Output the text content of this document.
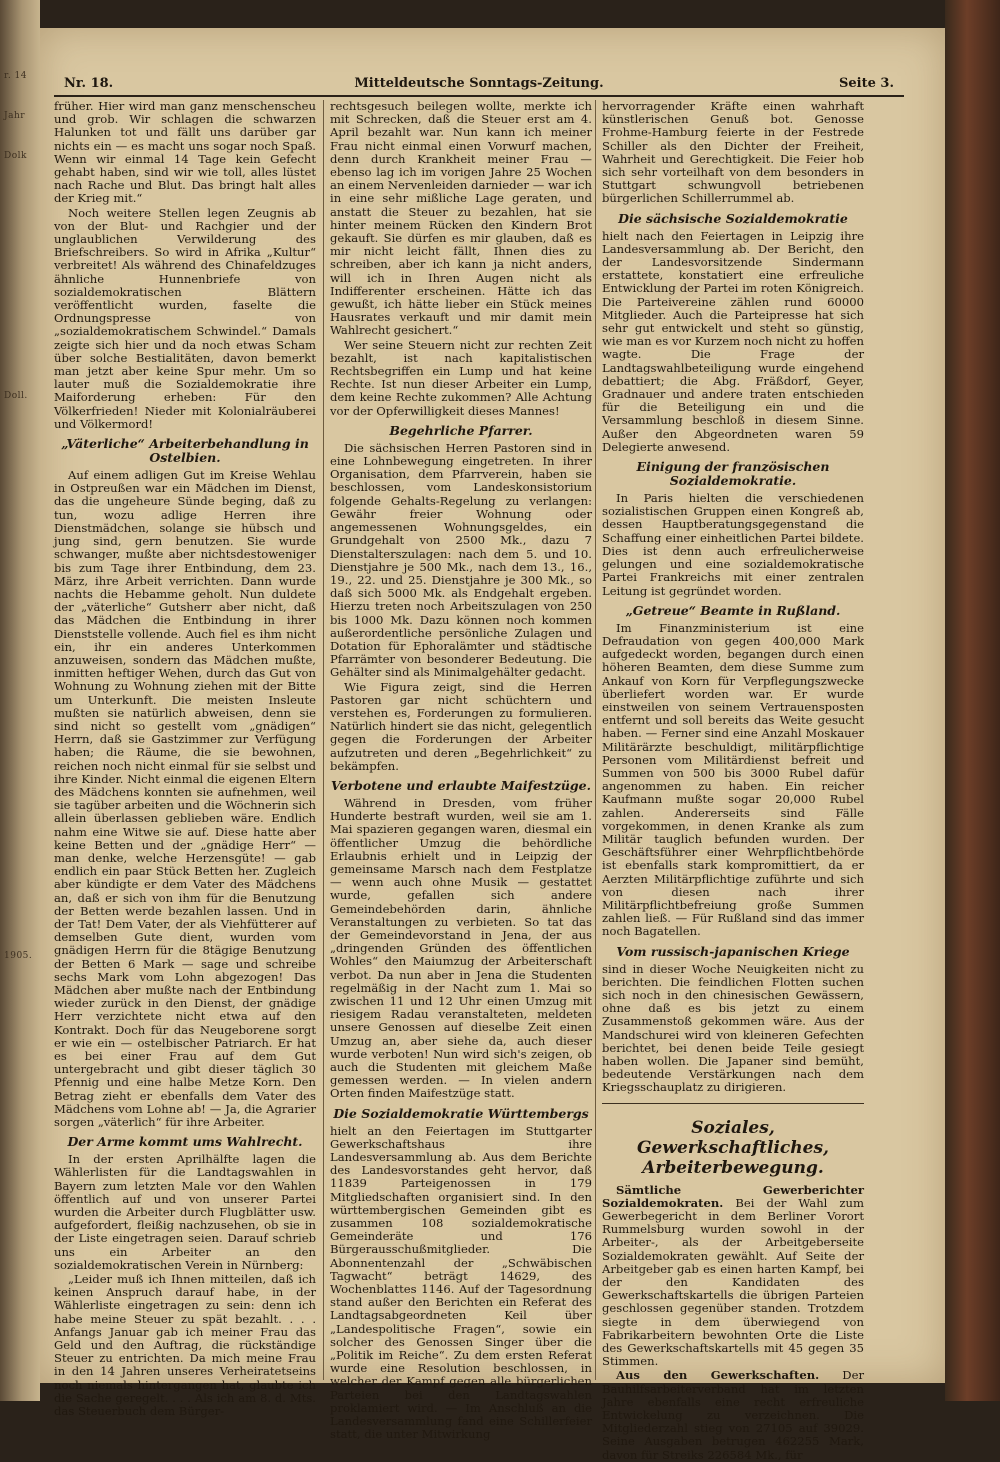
r. 14
Jahr
Dolk
Doll.
1905.
Nr. 18.	Mitteldeutsche Sonntags-Zeitung.	Seite 3.

früher. Hier wird man ganz menschenscheu und grob. Wir schlagen die schwarzen Halunken tot und fällt uns darüber gar nichts ein — es macht uns sogar noch Spaß. Wenn wir einmal 14 Tage kein Gefecht gehabt haben, sind wir wie toll, alles lüstet nach Rache und Blut. Das bringt halt alles der Krieg mit.“

Noch weitere Stellen legen Zeugnis ab von der Blut- und Rachgier und der unglaublichen Verwilderung des Briefschreibers. So wird in Afrika „Kultur“ verbreitet! Als während des Chinafeldzuges ähnliche Hunnenbriefe von sozialdemokratischen Blättern veröffentlicht wurden, faselte die Ordnungspresse von „sozialdemokratischem Schwindel.“ Damals zeigte sich hier und da noch etwas Scham über solche Bestialitäten, davon bemerkt man jetzt aber keine Spur mehr. Um so lauter muß die Sozialdemokratie ihre Maiforderung erheben: Für den Völkerfrieden! Nieder mit Kolonialräuberei und Völkermord!

„Väterliche“ Arbeiterbehandlung in Ostelbien.

Auf einem adligen Gut im Kreise Wehlau in Ostpreußen war ein Mädchen im Dienst, das die ungeheure Sünde beging, daß zu tun, wozu adlige Herren ihre Dienstmädchen, solange sie hübsch und jung sind, gern benutzen. Sie wurde schwanger, mußte aber nichtsdestoweniger bis zum Tage ihrer Entbindung, dem 23. März, ihre Arbeit verrichten. Dann wurde nachts die Hebamme geholt. Nun duldete der „väterliche“ Gutsherr aber nicht, daß das Mädchen die Entbindung in ihrer Dienststelle vollende. Auch fiel es ihm nicht ein, ihr ein anderes Unterkommen anzuweisen, sondern das Mädchen mußte, inmitten heftiger Wehen, durch das Gut von Wohnung zu Wohnung ziehen mit der Bitte um Unterkunft. Die meisten Insleute mußten sie natürlich abweisen, denn sie sind nicht so gestellt vom „gnädigen“ Herrn, daß sie Gastzimmer zur Verfügung haben; die Räume, die sie bewohnen, reichen noch nicht einmal für sie selbst und ihre Kinder. Nicht einmal die eigenen Eltern des Mädchens konnten sie aufnehmen, weil sie tagüber arbeiten und die Wöchnerin sich allein überlassen geblieben wäre. Endlich nahm eine Witwe sie auf. Diese hatte aber keine Betten und der „gnädige Herr“ — man denke, welche Herzensgüte! — gab endlich ein paar Stück Betten her. Zugleich aber kündigte er dem Vater des Mädchens an, daß er sich von ihm für die Benutzung der Betten werde bezahlen lassen. Und in der Tat! Dem Vater, der als Viehfütterer auf demselben Gute dient, wurden vom gnädigen Herrn für die 8tägige Benutzung der Betten 6 Mark — sage und schreibe sechs Mark vom Lohn abgezogen! Das Mädchen aber mußte nach der Entbindung wieder zurück in den Dienst, der gnädige Herr verzichtete nicht etwa auf den Kontrakt. Doch für das Neugeborene sorgt er wie ein — ostelbischer Patriarch. Er hat es bei einer Frau auf dem Gut untergebracht und gibt dieser täglich 30 Pfennig und eine halbe Metze Korn. Den Betrag zieht er ebenfalls dem Vater des Mädchens vom Lohne ab! — Ja, die Agrarier sorgen „väterlich“ für ihre Arbeiter.

Der Arme kommt ums Wahlrecht.

In der ersten Aprilhälfte lagen die Wählerlisten für die Landtagswahlen in Bayern zum letzten Male vor den Wahlen öffentlich auf und von unserer Partei wurden die Arbeiter durch Flugblätter usw. aufgefordert, fleißig nachzusehen, ob sie in der Liste eingetragen seien. Darauf schrieb uns ein Arbeiter an den sozialdemokratischen Verein in Nürnberg:

„Leider muß ich Ihnen mitteilen, daß ich keinen Anspruch darauf habe, in der Wählerliste eingetragen zu sein: denn ich habe meine Steuer zu spät bezahlt. . . . Anfangs Januar gab ich meiner Frau das Geld und den Auftrag, die rückständige Steuer zu entrichten. Da mich meine Frau in den 14 Jahren unseres Verheiratetseins noch niemals hintergangen hat, glaubte ich die Sache geregelt. . . . Als ich am 8. d. Mts. das Steuerbuch dem Bürger-

rechtsgesuch beilegen wollte, merkte ich mit Schrecken, daß die Steuer erst am 4. April bezahlt war. Nun kann ich meiner Frau nicht einmal einen Vorwurf machen, denn durch Krankheit meiner Frau — ebenso lag ich im vorigen Jahre 25 Wochen an einem Nervenleiden darnieder — war ich in eine sehr mißliche Lage geraten, und anstatt die Steuer zu bezahlen, hat sie hinter meinem Rücken den Kindern Brot gekauft. Sie dürfen es mir glauben, daß es mir nicht leicht fällt, Ihnen dies zu schreiben, aber ich kann ja nicht anders, will ich in Ihren Augen nicht als Indifferenter erscheinen. Hätte ich das gewußt, ich hätte lieber ein Stück meines Hausrates verkauft und mir damit mein Wahlrecht gesichert.“

Wer seine Steuern nicht zur rechten Zeit bezahlt, ist nach kapitalistischen Rechtsbegriffen ein Lump und hat keine Rechte. Ist nun dieser Arbeiter ein Lump, dem keine Rechte zukommen? Alle Achtung vor der Opferwilligkeit dieses Mannes!

Begehrliche Pfarrer.

Die sächsischen Herren Pastoren sind in eine Lohnbewegung eingetreten. In ihrer Organisation, dem Pfarrverein, haben sie beschlossen, vom Landeskonsistorium folgende Gehalts-Regelung zu verlangen: Gewähr freier Wohnung oder angemessenen Wohnungsgeldes, ein Grundgehalt von 2500 Mk., dazu 7 Dienstalterszulagen: nach dem 5. und 10. Dienstjahre je 500 Mk., nach dem 13., 16., 19., 22. und 25. Dienstjahre je 300 Mk., so daß sich 5000 Mk. als Endgehalt ergeben. Hierzu treten noch Arbeitszulagen von 250 bis 1000 Mk. Dazu können noch kommen außerordentliche persönliche Zulagen und Dotation für Ephoralämter und städtische Pfarrämter von besonderer Bedeutung. Die Gehälter sind als Minimalgehälter gedacht.

Wie Figura zeigt, sind die Herren Pastoren gar nicht schüchtern und verstehen es, Forderungen zu formulieren. Natürlich hindert sie das nicht, gelegentlich gegen die Forderungen der Arbeiter aufzutreten und deren „Begehrlichkeit“ zu bekämpfen.

Verbotene und erlaubte Maifestzüge.

Während in Dresden, vom früher Hunderte bestraft wurden, weil sie am 1. Mai spazieren gegangen waren, diesmal ein öffentlicher Umzug die behördliche Erlaubnis erhielt und in Leipzig der gemeinsame Marsch nach dem Festplatze — wenn auch ohne Musik — gestattet wurde, gefallen sich andere Gemeindebehörden darin, ähnliche Veranstaltungen zu verbieten. So tat das der Gemeindevorstand in Jena, der aus „dringenden Gründen des öffentlichen Wohles“ den Maiumzug der Arbeiterschaft verbot. Da nun aber in Jena die Studenten regelmäßig in der Nacht zum 1. Mai so zwischen 11 und 12 Uhr einen Umzug mit riesigem Radau veranstalteten, meldeten unsere Genossen auf dieselbe Zeit einen Umzug an, aber siehe da, auch dieser wurde verboten! Nun wird sich's zeigen, ob auch die Studenten mit gleichem Maße gemessen werden. — In vielen andern Orten finden Maifestzüge statt.

Die Sozialdemokratie Württembergs

hielt an den Feiertagen im Stuttgarter Gewerkschaftshaus ihre Landesversammlung ab. Aus dem Berichte des Landesvorstandes geht hervor, daß 11839 Parteigenossen in 179 Mitgliedschaften organisiert sind. In den württembergischen Gemeinden gibt es zusammen 108 sozialdemokratische Gemeinderäte und 176 Bürgerausschußmitglieder. Die Abonnentenzahl der „Schwäbischen Tagwacht“ beträgt 14629, des Wochenblattes 1146. Auf der Tagesordnung stand außer den Berichten ein Referat des Landtagsabgeordneten Keil über „Landespolitische Fragen“, sowie ein solcher des Genossen Singer über die „Politik im Reiche“. Zu dem ersten Referat wurde eine Resolution beschlossen, in welcher der Kampf gegen alle bürgerlichen Parteien bei den Landtagswahlen proklamiert wird. — Im Anschluß an die Landesversammlung fand eine Schillerfeier statt, die unter Mitwirkung

hervorragender Kräfte einen wahrhaft künstlerischen Genuß bot. Genosse Frohme-Hamburg feierte in der Festrede Schiller als den Dichter der Freiheit, Wahrheit und Gerechtigkeit. Die Feier hob sich sehr vorteilhaft von dem besonders in Stuttgart schwungvoll betriebenen bürgerlichen Schillerrummel ab.

Die sächsische Sozialdemokratie

hielt nach den Feiertagen in Leipzig ihre Landesversammlung ab. Der Bericht, den der Landesvorsitzende Sindermann erstattete, konstatiert eine erfreuliche Entwicklung der Partei im roten Königreich. Die Parteivereine zählen rund 60000 Mitglieder. Auch die Parteipresse hat sich sehr gut entwickelt und steht so günstig, wie man es vor Kurzem noch nicht zu hoffen wagte. Die Frage der Landtagswahlbeteiligung wurde eingehend debattiert; die Abg. Fräßdorf, Geyer, Gradnauer und andere traten entschieden für die Beteiligung ein und die Versammlung beschloß in diesem Sinne. Außer den Abgeordneten waren 59 Delegierte anwesend.

Einigung der französischen Sozialdemokratie.

In Paris hielten die verschiedenen sozialistischen Gruppen einen Kongreß ab, dessen Hauptberatungsgegenstand die Schaffung einer einheitlichen Partei bildete. Dies ist denn auch erfreulicherweise gelungen und eine sozialdemokratische Partei Frankreichs mit einer zentralen Leitung ist gegründet worden.

„Getreue“ Beamte in Rußland.

Im Finanzministerium ist eine Defraudation von gegen 400,000 Mark aufgedeckt worden, begangen durch einen höheren Beamten, dem diese Summe zum Ankauf von Korn für Verpflegungszwecke überliefert worden war. Er wurde einstweilen von seinem Vertrauensposten entfernt und soll bereits das Weite gesucht haben. — Ferner sind eine Anzahl Moskauer Militärärzte beschuldigt, militärpflichtige Personen vom Militärdienst befreit und Summen von 500 bis 3000 Rubel dafür angenommen zu haben. Ein reicher Kaufmann mußte sogar 20,000 Rubel zahlen. Andererseits sind Fälle vorgekommen, in denen Kranke als zum Militär tauglich befunden wurden. Der Geschäftsführer einer Wehrpflichtbehörde ist ebenfalls stark kompromittiert, da er Aerzten Militärpflichtige zuführte und sich von diesen nach ihrer Militärpflichtbefreiung große Summen zahlen ließ. — Für Rußland sind das immer noch Bagatellen.

Vom russisch-japanischen Kriege

sind in dieser Woche Neuigkeiten nicht zu berichten. Die feindlichen Flotten suchen sich noch in den chinesischen Gewässern, ohne daß es bis jetzt zu einem Zusammenstoß gekommen wäre. Aus der Mandschurei wird von kleineren Gefechten berichtet, bei denen beide Teile gesiegt haben wollen. Die Japaner sind bemüht, bedeutende Verstärkungen nach dem Kriegsschauplatz zu dirigieren.

Soziales, Gewerkschaftliches, Arbeiterbewegung.

Sämtliche Gewerberichter Sozialdemokraten. Bei der Wahl zum Gewerbegericht in dem Berliner Vorort Rummelsburg wurden sowohl in der Arbeiter-, als der Arbeitgeberseite Sozialdemokraten gewählt. Auf Seite der Arbeitgeber gab es einen harten Kampf, bei der den Kandidaten des Gewerkschaftskartells die übrigen Parteien geschlossen gegenüber standen. Trotzdem siegte in dem überwiegend von Fabrikarbeitern bewohnten Orte die Liste des Gewerkschaftskartells mit 45 gegen 35 Stimmen.

Aus den Gewerkschaften. Der Bauhilfsarbeiterverband hat im letzten Jahre ebenfalls eine recht erfreuliche Entwickelung zu verzeichnen. Die Mitgliederzahl stieg von 27105 auf 39029. Seine Ausgaben betrugen 462255 Mark, davon für Streiks 226584 Mk., für
